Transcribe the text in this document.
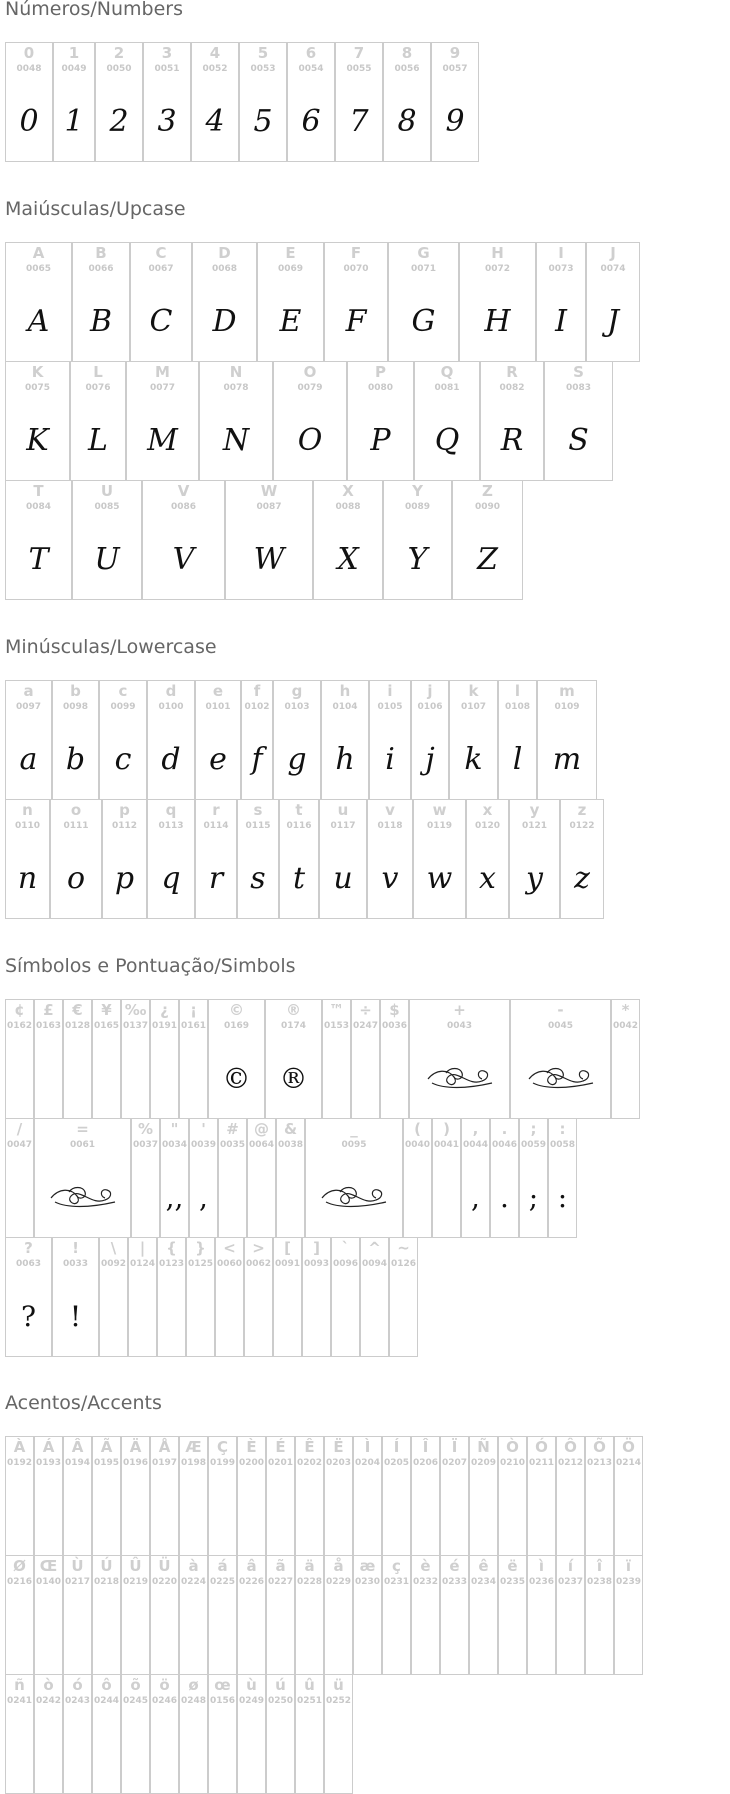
Números/Numbers
0
0048
0
1
0049
1
2
0050
2
3
0051
3
4
0052
4
5
0053
5
6
0054
6
7
0055
7
8
0056
8
9
0057
9
Maiúsculas/Upcase
A
0065
A
B
0066
B
C
0067
C
D
0068
D
E
0069
E
F
0070
F
G
0071
G
H
0072
H
I
0073
I
J
0074
J
K
0075
K
L
0076
L
M
0077
M
N
0078
N
O
0079
O
P
0080
P
Q
0081
Q
R
0082
R
S
0083
S
T
0084
T
U
0085
U
V
0086
V
W
0087
W
X
0088
X
Y
0089
Y
Z
0090
Z
Minúsculas/Lowercase
a
0097
a
b
0098
b
c
0099
c
d
0100
d
e
0101
e
f
0102
f
g
0103
g
h
0104
h
i
0105
i
j
0106
j
k
0107
k
l
0108
l
m
0109
m
n
0110
n
o
0111
o
p
0112
p
q
0113
q
r
0114
r
s
0115
s
t
0116
t
u
0117
u
v
0118
v
w
0119
w
x
0120
x
y
0121
y
z
0122
z
Símbolos e Pontuação/Simbols
¢
0162
£
0163
€
0128
¥
0165
‰
0137
¿
0191
¡
0161
©
0169
©
®
0174
®
™
0153
÷
0247
$
0036
+
0043
-
0045
*
0042
/
0047
=
0061
%
0037
"
0034
,,
'
0039
,
#
0035
@
0064
&
0038
_
0095
(
0040
)
0041
,
0044
,
.
0046
.
;
0059
;
:
0058
:
?
0063
?
!
0033
!
\
0092
|
0124
{
0123
}
0125
<
0060
>
0062
[
0091
]
0093
`
0096
^
0094
~
0126
Acentos/Accents
À
0192
Á
0193
Â
0194
Ã
0195
Ä
0196
Å
0197
Æ
0198
Ç
0199
È
0200
É
0201
Ê
0202
Ë
0203
Ì
0204
Í
0205
Î
0206
Ï
0207
Ñ
0209
Ò
0210
Ó
0211
Ô
0212
Õ
0213
Ö
0214
Ø
0216
Œ
0140
Ù
0217
Ú
0218
Û
0219
Ü
0220
à
0224
á
0225
â
0226
ã
0227
ä
0228
å
0229
æ
0230
ç
0231
è
0232
é
0233
ê
0234
ë
0235
ì
0236
í
0237
î
0238
ï
0239
ñ
0241
ò
0242
ó
0243
ô
0244
õ
0245
ö
0246
ø
0248
œ
0156
ù
0249
ú
0250
û
0251
ü
0252
